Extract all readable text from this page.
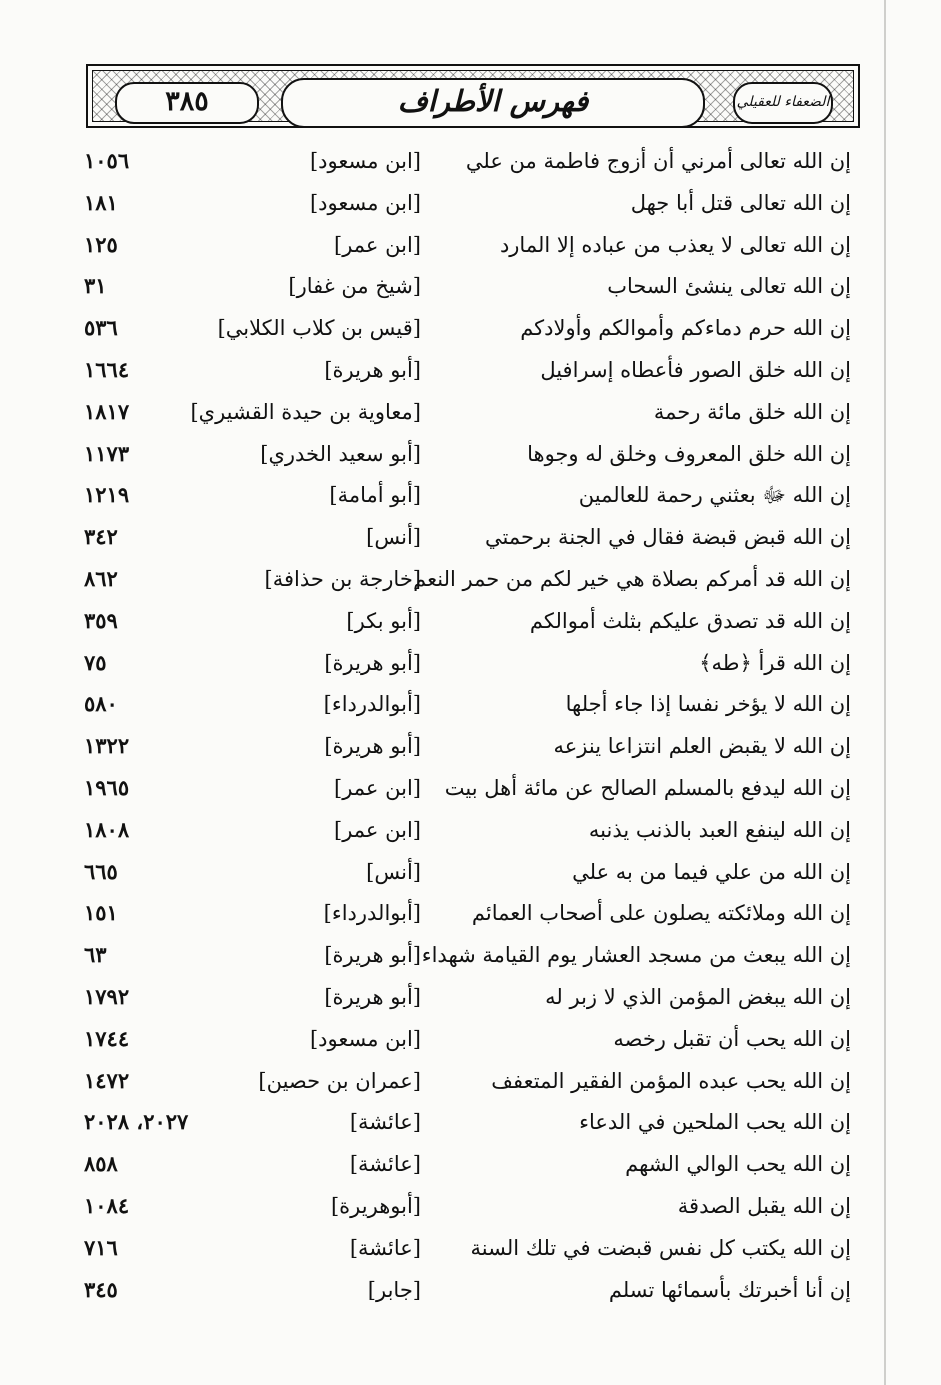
٣٨٥	فهرس الأطراف	الضعفاء للعقيلي
إن الله تعالى أمرني أن أزوج فاطمة من علي
[ابن مسعود]
١٠٥٦
إن الله تعالى قتل أبا جهل
[ابن مسعود]
١٨١
إن الله تعالى لا يعذب من عباده إلا المارد
[ابن عمر]
١٢٥
إن الله تعالى ينشئ السحاب
[شيخ من غفار]
٣١
إن الله حرم دماءكم وأموالكم وأولادكم
[قيس بن كلاب الكلابي]
٥٣٦
إن الله خلق الصور فأعطاه إسرافيل
[أبو هريرة]
١٦٦٤
إن الله خلق مائة رحمة
[معاوية بن حيدة القشيري]
١٨١٧
إن الله خلق المعروف وخلق له وجوها
[أبو سعيد الخدري]
١١٧٣
إن الله ﷻ بعثني رحمة للعالمين
[أبو أمامة]
١٢١٩
إن الله قبض قبضة فقال في الجنة برحمتي
[أنس]
٣٤٢
إن الله قد أمركم بصلاة هي خير لكم من حمر النعم
[خارجة بن حذافة]
٨٦٢
إن الله قد تصدق عليكم بثلث أموالكم
[أبو بكر]
٣٥٩
إن الله قرأ ﴿طه﴾
[أبو هريرة]
٧٥
إن الله لا يؤخر نفسا إذا جاء أجلها
[أبوالدرداء]
٥٨٠
إن الله لا يقبض العلم انتزاعا ينزعه
[أبو هريرة]
١٣٢٢
إن الله ليدفع بالمسلم الصالح عن مائة أهل بيت
[ابن عمر]
١٩٦٥
إن الله لينفع العبد بالذنب يذنبه
[ابن عمر]
١٨٠٨
إن الله من علي فيما من به علي
[أنس]
٦٦٥
إن الله وملائكته يصلون على أصحاب العمائم
[أبوالدرداء]
١٥١
إن الله يبعث من مسجد العشار يوم القيامة شهداء
[أبو هريرة]
٦٣
إن الله يبغض المؤمن الذي لا زبر له
[أبو هريرة]
١٧٩٢
إن الله يحب أن تقبل رخصه
[ابن مسعود]
١٧٤٤
إن الله يحب عبده المؤمن الفقير المتعفف
[عمران بن حصين]
١٤٧٢
إن الله يحب الملحين في الدعاء
[عائشة]
٢٠٢٧، ٢٠٢٨
إن الله يحب الوالي الشهم
[عائشة]
٨٥٨
إن الله يقبل الصدقة
[أبوهريرة]
١٠٨٤
إن الله يكتب كل نفس قبضت في تلك السنة
[عائشة]
٧١٦
إن أنا أخبرتك بأسمائها تسلم
[جابر]
٣٤٥
